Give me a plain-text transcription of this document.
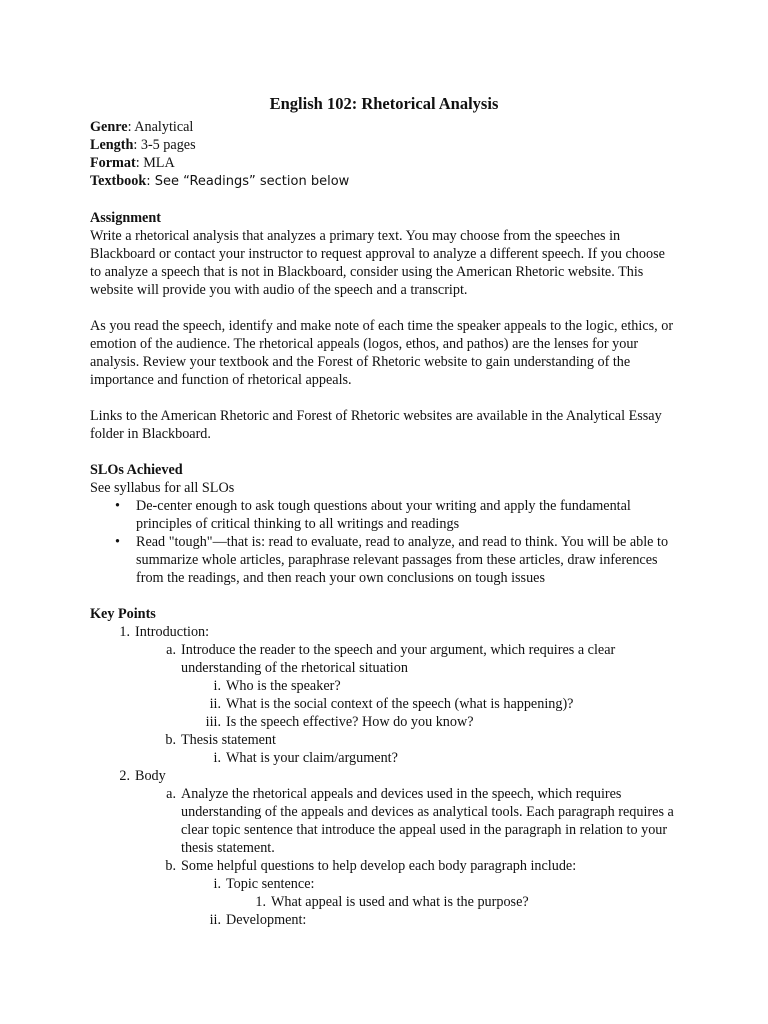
English 102: Rhetorical Analysis

Genre: Analytical

Length: 3-5 pages

Format: MLA

Textbook: See “Readings” section below

Assignment

Write a rhetorical analysis that analyzes a primary text. You may choose from the speeches in Blackboard or contact your instructor to request approval to analyze a different speech. If you choose to analyze a speech that is not in Blackboard, consider using the American Rhetoric website. This website will provide you with audio of the speech and a transcript.

As you read the speech, identify and make note of each time the speaker appeals to the logic, ethics, or emotion of the audience. The rhetorical appeals (logos, ethos, and pathos) are the lenses for your analysis. Review your textbook and the Forest of Rhetoric website to gain understanding of the importance and function of rhetorical appeals.

Links to the American Rhetoric and Forest of Rhetoric websites are available in the Analytical Essay folder in Blackboard.

SLOs Achieved

See syllabus for all SLOs

• De-center enough to ask tough questions about your writing and apply the fundamental principles of critical thinking to all writings and readings
• Read "tough"—that is: read to evaluate, read to analyze, and read to think. You will be able to summarize whole articles, paraphrase relevant passages from these articles, draw inferences from the readings, and then reach your own conclusions on tough issues

Key Points

1. Introduction:
a. Introduce the reader to the speech and your argument, which requires a clear understanding of the rhetorical situation
i. Who is the speaker?
ii. What is the social context of the speech (what is happening)?
iii. Is the speech effective? How do you know?
b. Thesis statement
i. What is your claim/argument?
2. Body
a. Analyze the rhetorical appeals and devices used in the speech, which requires understanding of the appeals and devices as analytical tools. Each paragraph requires a clear topic sentence that introduce the appeal used in the paragraph in relation to your thesis statement.
b. Some helpful questions to help develop each body paragraph include:
i. Topic sentence:
1. What appeal is used and what is the purpose?
ii. Development:
